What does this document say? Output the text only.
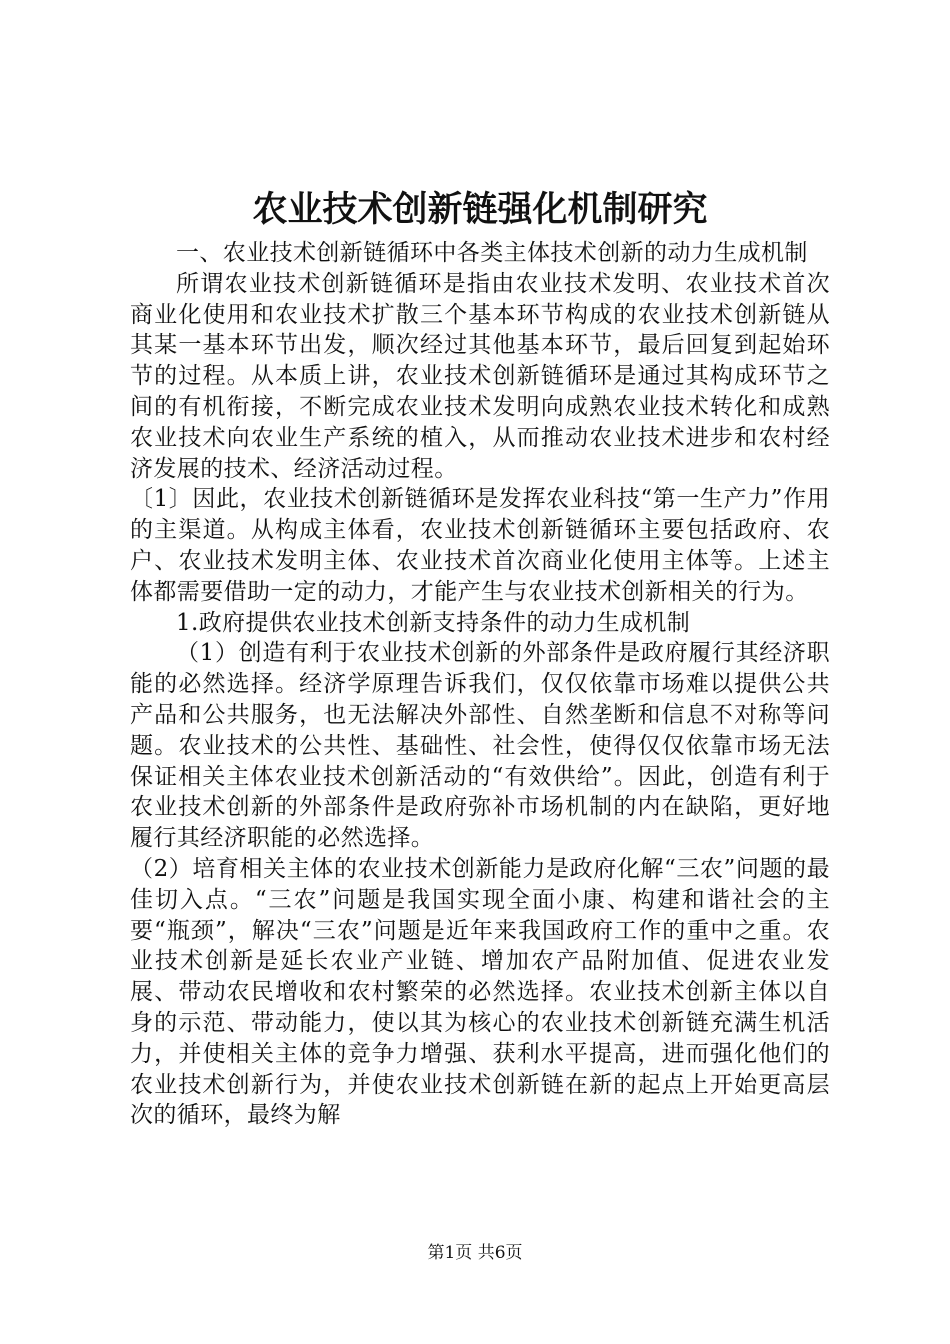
农业技术创新链强化机制研究

一、农业技术创新链循环中各类主体技术创新的动力生成机制

所谓农业技术创新链循环是指由农业技术发明、农业技术首次商业化使用和农业技术扩散三个基本环节构成的农业技术创新链从其某一基本环节出发，顺次经过其他基本环节，最后回复到起始环节的过程。从本质上讲，农业技术创新链循环是通过其构成环节之间的有机衔接，不断完成农业技术发明向成熟农业技术转化和成熟农业技术向农业生产系统的植入，从而推动农业技术进步和农村经济发展的技术、经济活动过程。

〔1〕因此，农业技术创新链循环是发挥农业科技“第一生产力”作用的主渠道。从构成主体看，农业技术创新链循环主要包括政府、农户、农业技术发明主体、农业技术首次商业化使用主体等。上述主体都需要借助一定的动力，才能产生与农业技术创新相关的行为。

1.政府提供农业技术创新支持条件的动力生成机制

（1）创造有利于农业技术创新的外部条件是政府履行其经济职能的必然选择。经济学原理告诉我们，仅仅依靠市场难以提供公共产品和公共服务，也无法解决外部性、自然垄断和信息不对称等问题。农业技术的公共性、基础性、社会性，使得仅仅依靠市场无法保证相关主体农业技术创新活动的“有效供给”。因此，创造有利于农业技术创新的外部条件是政府弥补市场机制的内在缺陷，更好地履行其经济职能的必然选择。

（2）培育相关主体的农业技术创新能力是政府化解“三农”问题的最佳切入点。“三农”问题是我国实现全面小康、构建和谐社会的主要“瓶颈”，解决“三农”问题是近年来我国政府工作的重中之重。农业技术创新是延长农业产业链、增加农产品附加值、促进农业发展、带动农民增收和农村繁荣的必然选择。农业技术创新主体以自身的示范、带动能力，使以其为核心的农业技术创新链充满生机活力，并使相关主体的竞争力增强、获利水平提高，进而强化他们的农业技术创新行为，并使农业技术创新链在新的起点上开始更高层次的循环，最终为解

第1页 共6页
